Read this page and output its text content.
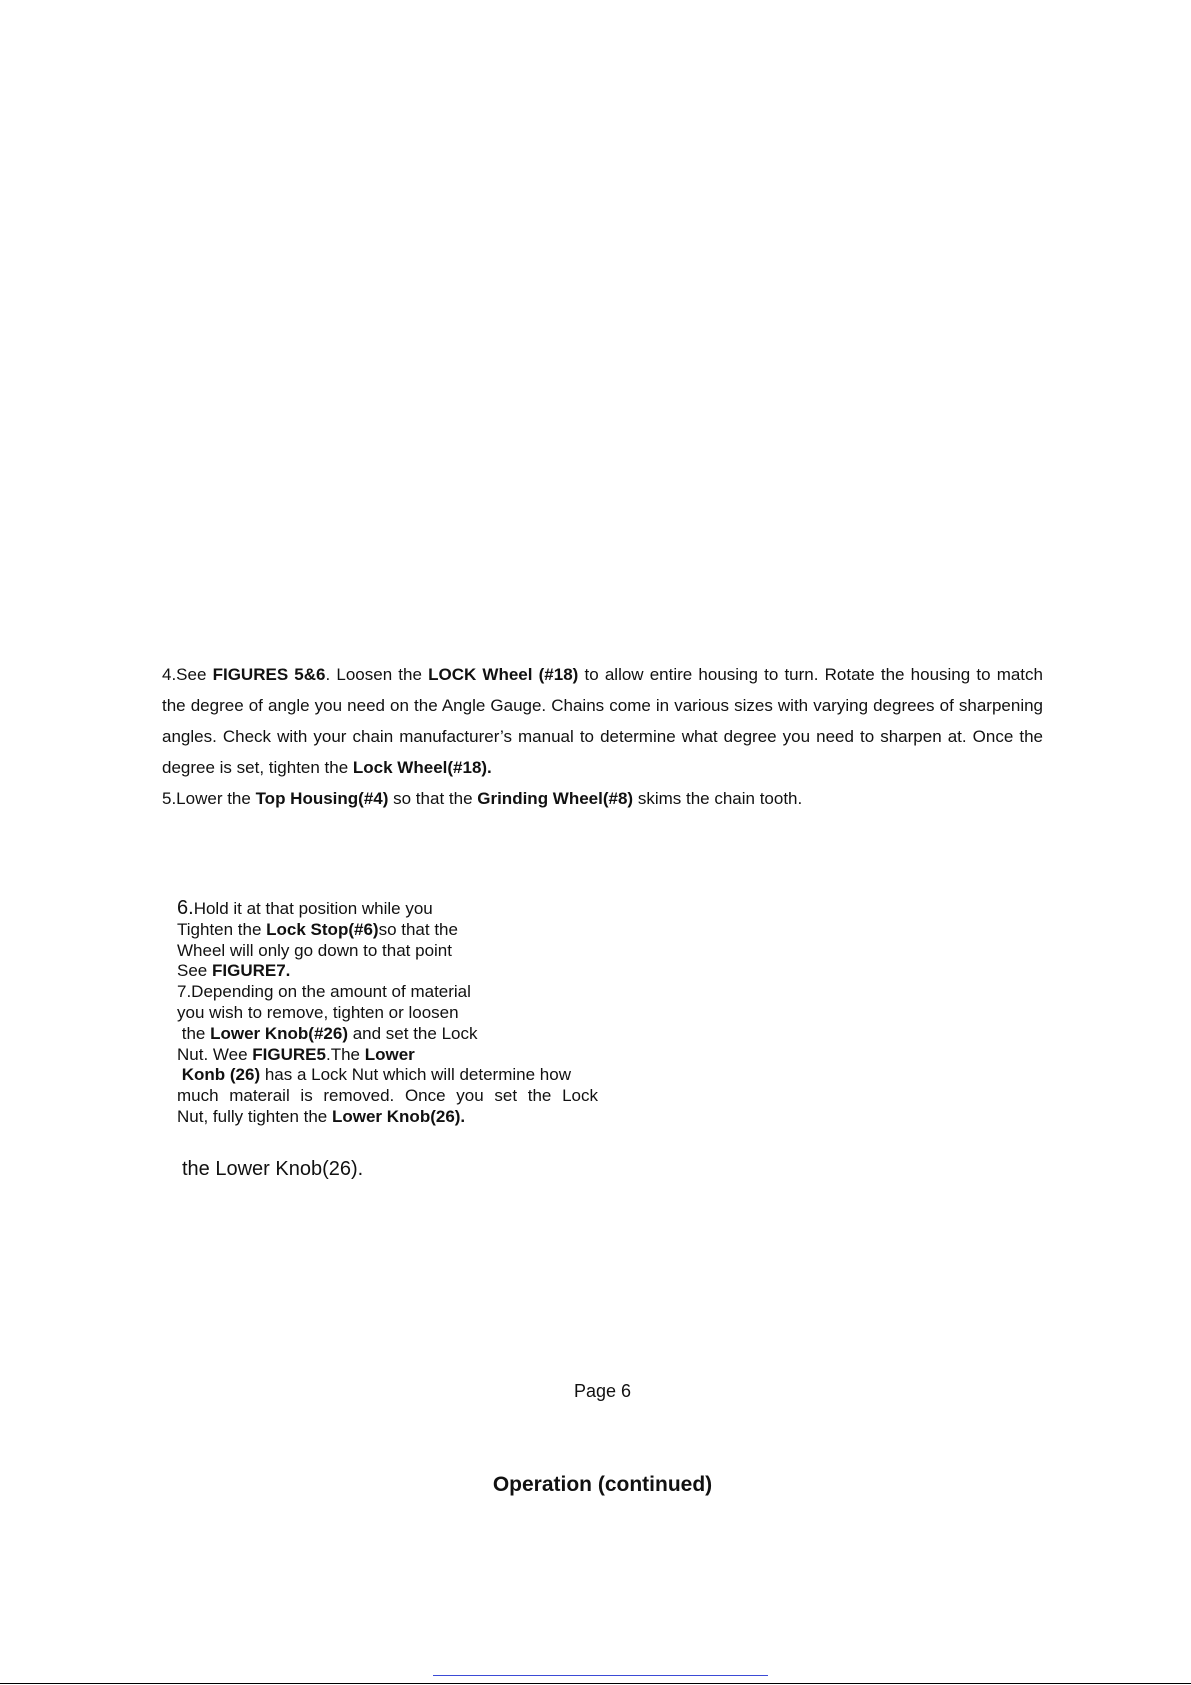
4.See FIGURES 5&6. Loosen the LOCK Wheel (#18) to allow entire housing to turn. Rotate the housing to match the degree of angle you need on the Angle Gauge. Chains come in various sizes with varying degrees of sharpening angles. Check with your chain manufacturer’s manual to determine what degree you need to sharpen at. Once the degree is set, tighten the Lock Wheel(#18).

5.Lower the Top Housing(#4) so that the Grinding Wheel(#8) skims the chain tooth.

6.Hold it at that position while you
Tighten the Lock Stop(#6)so that the
Wheel will only go down to that point
See FIGURE7.
7.Depending on the amount of material
you wish to remove, tighten or loosen
the Lower Knob(#26) and set the Lock
Nut. Wee FIGURE5.The Lower
Konb (26) has a Lock Nut which will determine how
much materail is removed. Once you set the Lock
Nut, fully tighten the Lower Knob(26).

the Lower Knob(26).

Page 6
Operation (continued)
